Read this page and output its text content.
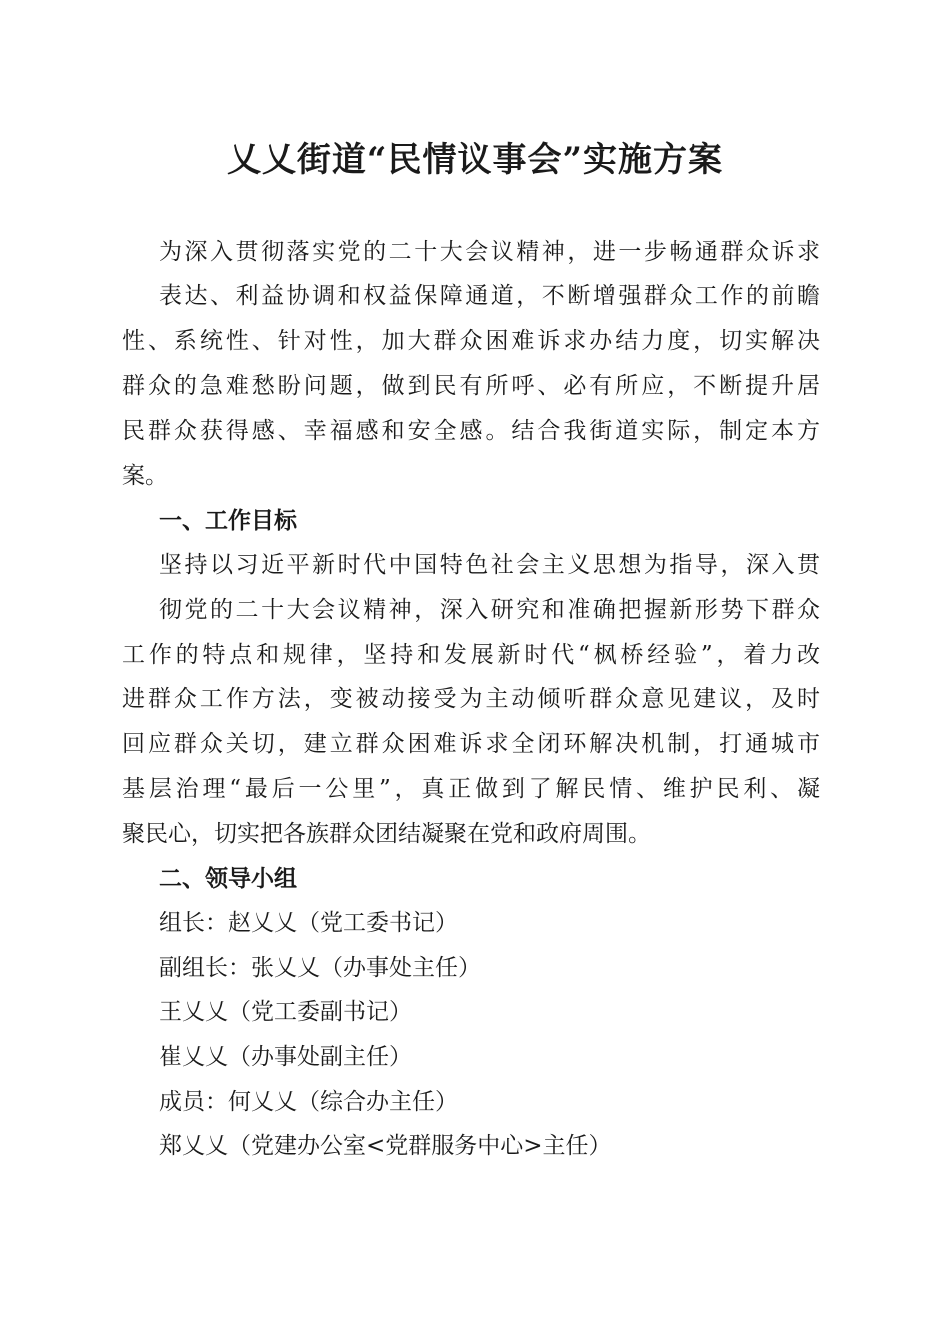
乂乂街道“民情议事会”实施方案

为深入贯彻落实党的二十大会议精神，进一步畅通群众诉求

表达、利益协调和权益保障通道，不断增强群众工作的前瞻

性、系统性、针对性，加大群众困难诉求办结力度，切实解决

群众的急难愁盼问题，做到民有所呼、必有所应，不断提升居

民群众获得感、幸福感和安全感。结合我街道实际，制定本方

案。

一、工作目标

坚持以习近平新时代中国特色社会主义思想为指导，深入贯

彻党的二十大会议精神，深入研究和准确把握新形势下群众

工作的特点和规律，坚持和发展新时代“枫桥经验”，着力改

进群众工作方法，变被动接受为主动倾听群众意见建议，及时

回应群众关切，建立群众困难诉求全闭环解决机制，打通城市

基层治理“最后一公里”，真正做到了解民情、维护民利、凝

聚民心，切实把各族群众团结凝聚在党和政府周围。

二、领导小组

组长：赵乂乂（党工委书记）

副组长：张乂乂（办事处主任）

王乂乂（党工委副书记）

崔乂乂（办事处副主任）

成员：何乂乂（综合办主任）

郑乂乂（党建办公室<党群服务中心>主任）
